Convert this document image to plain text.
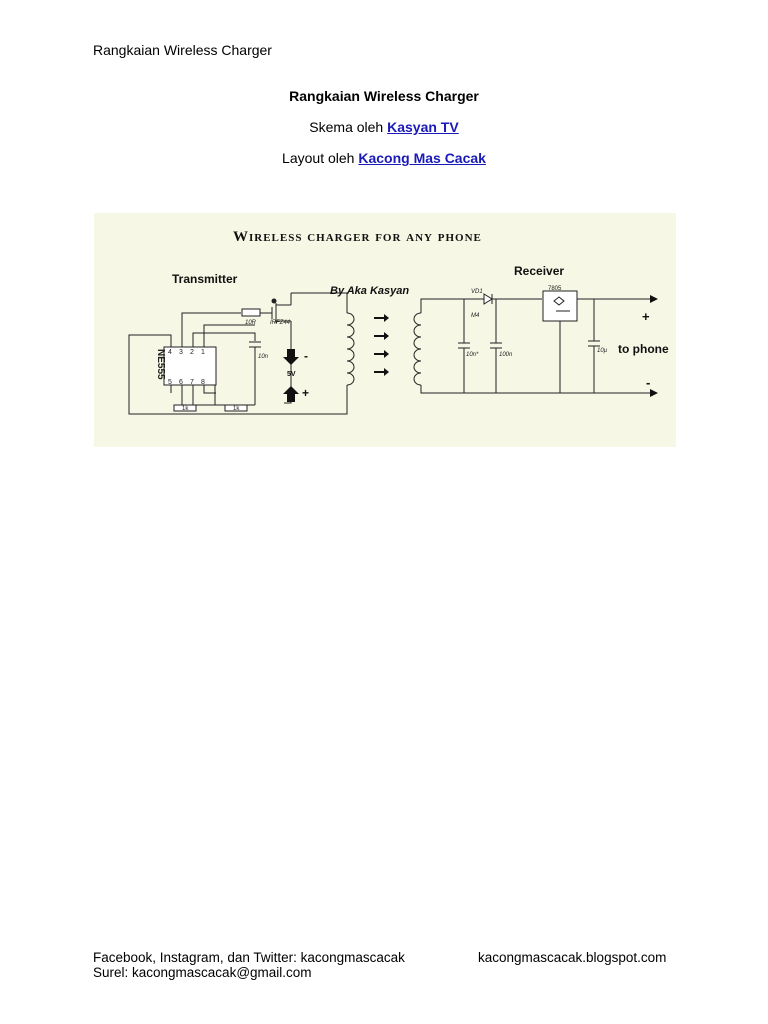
Rangkaian Wireless Charger
Rangkaian Wireless Charger
Skema oleh Kasyan TV
Layout oleh Kacong Mas Cacak
4 3 2 1
5 6 7 8
NE555
Wireless charger for any phone
Transmitter
Receiver
By Aka Kasyan
IRFZ44
10R
10n
1k	1k
5V
-
+
VD1
M4
10n*	100n
7805
10µ
+
-
to phone
Facebook, Instagram, dan Twitter: kacongmascacak
Surel: kacongmascacak@gmail.com
kacongmascacak.blogspot.com
